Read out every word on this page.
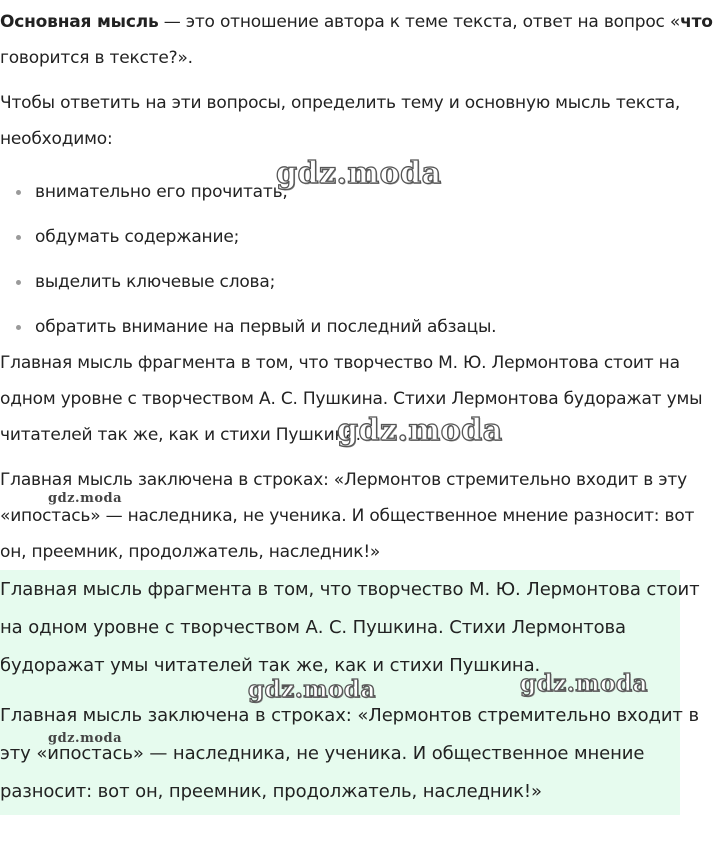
Основная мысль — это отношение автора к теме текста, ответ на вопрос «что
говорится в тексте?».

Чтобы ответить на эти вопросы, определить тему и основную мысль текста,
необходимо:

внимательно его прочитать;
обдумать содержание;
выделить ключевые слова;
обратить внимание на первый и последний абзацы.

Главная мысль фрагмента в том, что творчество М. Ю. Лермонтова стоит на
одном уровне с творчеством А. С. Пушкина. Стихи Лермонтова будоражат умы
читателей так же, как и стихи Пушкина.

Главная мысль заключена в строках: «Лермонтов стремительно входит в эту
«ипостась» — наследника, не ученика. И общественное мнение разносит: вот
он, преемник, продолжатель, наследник!»

Главная мысль фрагмента в том, что творчество М. Ю. Лермонтова стоит
на одном уровне с творчеством А. С. Пушкина. Стихи Лермонтова
будоражат умы читателей так же, как и стихи Пушкина.

Главная мысль заключена в строках: «Лермонтов стремительно входит в
эту «ипостась» — наследника, не ученика. И общественное мнение
разносит: вот он, преемник, продолжатель, наследник!»

gdz.moda
gdz.moda
gdz.moda
gdz.moda	gdz.moda
gdz.moda
